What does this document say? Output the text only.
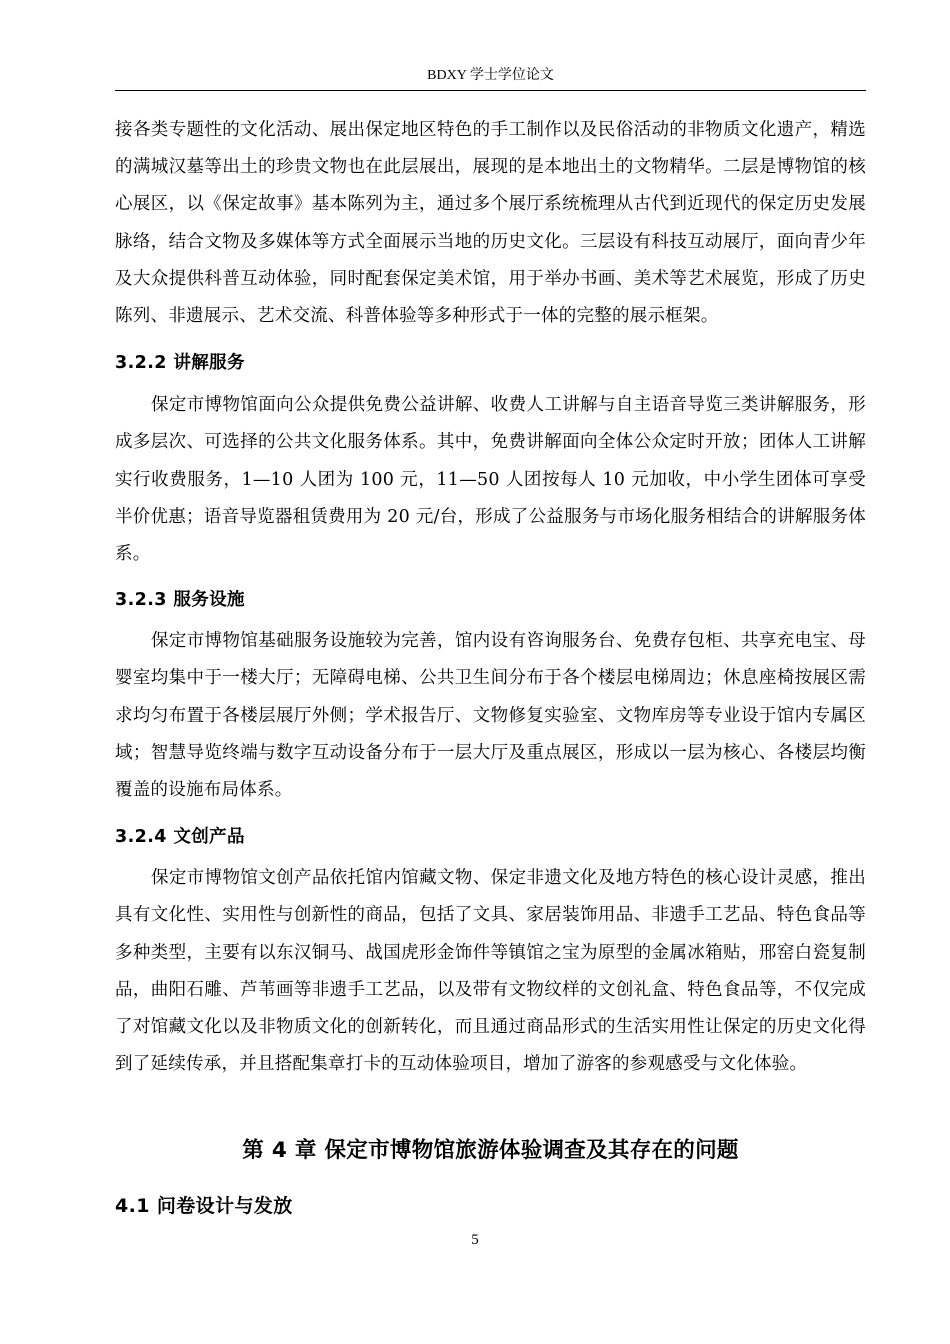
BDXY 学士学位论文

接各类专题性的文化活动、展出保定地区特色的手工制作以及民俗活动的非物质文化遗产，精选的满城汉墓等出土的珍贵文物也在此层展出，展现的是本地出土的文物精华。二层是博物馆的核心展区，以《保定故事》基本陈列为主，通过多个展厅系统梳理从古代到近现代的保定历史发展脉络，结合文物及多媒体等方式全面展示当地的历史文化。三层设有科技互动展厅，面向青少年及大众提供科普互动体验，同时配套保定美术馆，用于举办书画、美术等艺术展览，形成了历史陈列、非遗展示、艺术交流、科普体验等多种形式于一体的完整的展示框架。

3.2.2 讲解服务

保定市博物馆面向公众提供免费公益讲解、收费人工讲解与自主语音导览三类讲解服务，形成多层次、可选择的公共文化服务体系。其中，免费讲解面向全体公众定时开放；团体人工讲解实行收费服务，1—10 人团为 100 元，11—50 人团按每人 10 元加收，中小学生团体可享受半价优惠；语音导览器租赁费用为 20 元/台，形成了公益服务与市场化服务相结合的讲解服务体系。

3.2.3 服务设施

保定市博物馆基础服务设施较为完善，馆内设有咨询服务台、免费存包柜、共享充电宝、母婴室均集中于一楼大厅；无障碍电梯、公共卫生间分布于各个楼层电梯周边；休息座椅按展区需求均匀布置于各楼层展厅外侧；学术报告厅、文物修复实验室、文物库房等专业设于馆内专属区域；智慧导览终端与数字互动设备分布于一层大厅及重点展区，形成以一层为核心、各楼层均衡覆盖的设施布局体系。

3.2.4 文创产品

保定市博物馆文创产品依托馆内馆藏文物、保定非遗文化及地方特色的核心设计灵感，推出具有文化性、实用性与创新性的商品，包括了文具、家居装饰用品、非遗手工艺品、特色食品等多种类型，主要有以东汉铜马、战国虎形金饰件等镇馆之宝为原型的金属冰箱贴，邢窑白瓷复制品，曲阳石雕、芦苇画等非遗手工艺品，以及带有文物纹样的文创礼盒、特色食品等，不仅完成了对馆藏文化以及非物质文化的创新转化，而且通过商品形式的生活实用性让保定的历史文化得到了延续传承，并且搭配集章打卡的互动体验项目，增加了游客的参观感受与文化体验。

第 4 章 保定市博物馆旅游体验调查及其存在的问题
4.1 问卷设计与发放
5
